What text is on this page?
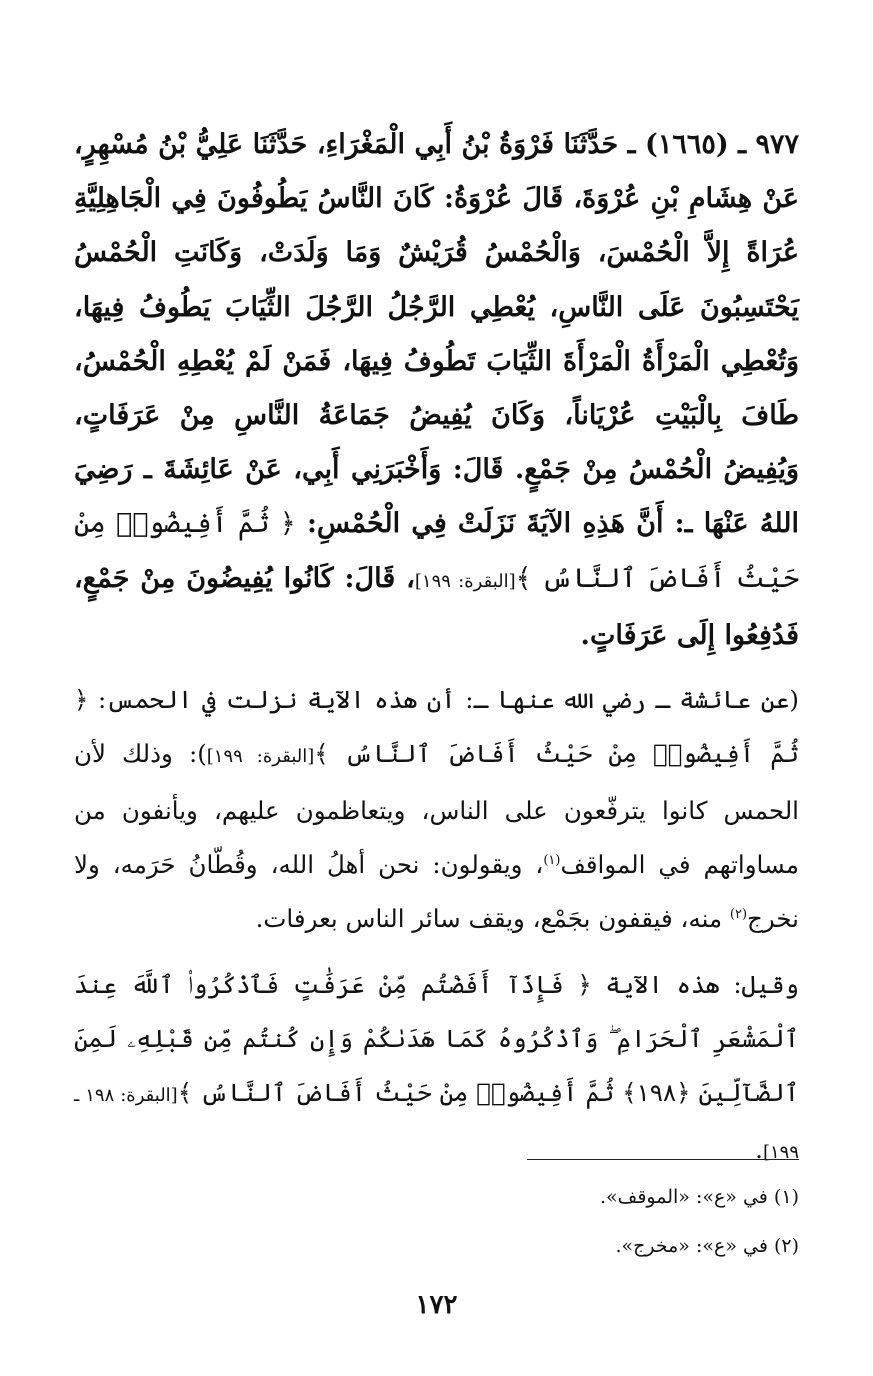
٩٧٧ ـ (١٦٦٥) ـ حَدَّثَنَا فَرْوَةُ بْنُ أَبِي الْمَغْرَاءِ، حَدَّثَنَا عَلِيُّ بْنُ مُسْهِرٍ، عَنْ هِشَامِ بْنِ عُرْوَةَ، قَالَ عُرْوَةُ: كَانَ النَّاسُ يَطُوفُونَ فِي الْجَاهِلِيَّةِ عُرَاةً إِلاَّ الْحُمْسَ، وَالْحُمْسُ قُرَيْشٌ وَمَا وَلَدَتْ، وَكَانَتِ الْحُمْسُ يَحْتَسِبُونَ عَلَى النَّاسِ، يُعْطِي الرَّجُلُ الرَّجُلَ الثِّيَابَ يَطُوفُ فِيهَا، وَتُعْطِي الْمَرْأَةُ الْمَرْأَةَ الثِّيَابَ تَطُوفُ فِيهَا، فَمَنْ لَمْ يُعْطِهِ الْحُمْسُ، طَافَ بِالْبَيْتِ عُرْيَاناً، وَكَانَ يُفِيضُ جَمَاعَةُ النَّاسِ مِنْ عَرَفَاتٍ، وَيُفِيضُ الْحُمْسُ مِنْ جَمْعٍ. قَالَ: وَأَخْبَرَنِي أَبِي، عَنْ عَائِشَةَ ـ رَضِيَ اللهُ عَنْهَا ـ: أَنَّ هَذِهِ الآيَةَ نَزَلَتْ فِي الْحُمْسِ: ﴿ ثُمَّ أَفِيضُوا۟ مِنْ حَيْثُ أَفَاضَ ٱلنَّاسُ ﴾[البقرة: ١٩٩]، قَالَ: كَانُوا يُفِيضُونَ مِنْ جَمْعٍ، فَدُفِعُوا إِلَى عَرَفَاتٍ.

(عن عائشة ـ رضي الله عنها ـ: أن هذه الآية نزلت في الحمس: ﴿ ثُمَّ أَفِيضُوا۟ مِنْ حَيْثُ أَفَاضَ ٱلنَّاسُ ﴾[البقرة: ١٩٩]): وذلك لأن الحمس كانوا يترفّعون على الناس، ويتعاظمون عليهم، ويأنفون من مساواتهم في المواقف$^{(١)}$، ويقولون: نحن أهلُ الله، وقُطّانُ حَرَمه، ولا نخرج$^{(٢)}$ منه، فيقفون بجَمْع، ويقف سائر الناس بعرفات.

وقيل: هذه الآية ﴿ فَإِذَآ أَفَضْتُم مِّنْ عَرَفَٰتٍ فَٱذْكُرُوا۟ ٱللَّهَ عِندَ ٱلْمَشْعَرِ ٱلْحَرَامِ ۖ وَٱذْكُرُوهُ كَمَا هَدَىٰكُمْ وَإِن كُنتُم مِّن قَبْلِهِۦ لَمِنَ ٱلضَّآلِّينَ ﴿١٩٨﴾ ثُمَّ أَفِيضُوا۟ مِنْ حَيْثُ أَفَاضَ ٱلنَّاسُ ﴾[البقرة: ١٩٨ ـ ١٩٩].

(١) في «ع»: «الموقف».
(٢) في «ع»: «مخرج».
١٧٢
